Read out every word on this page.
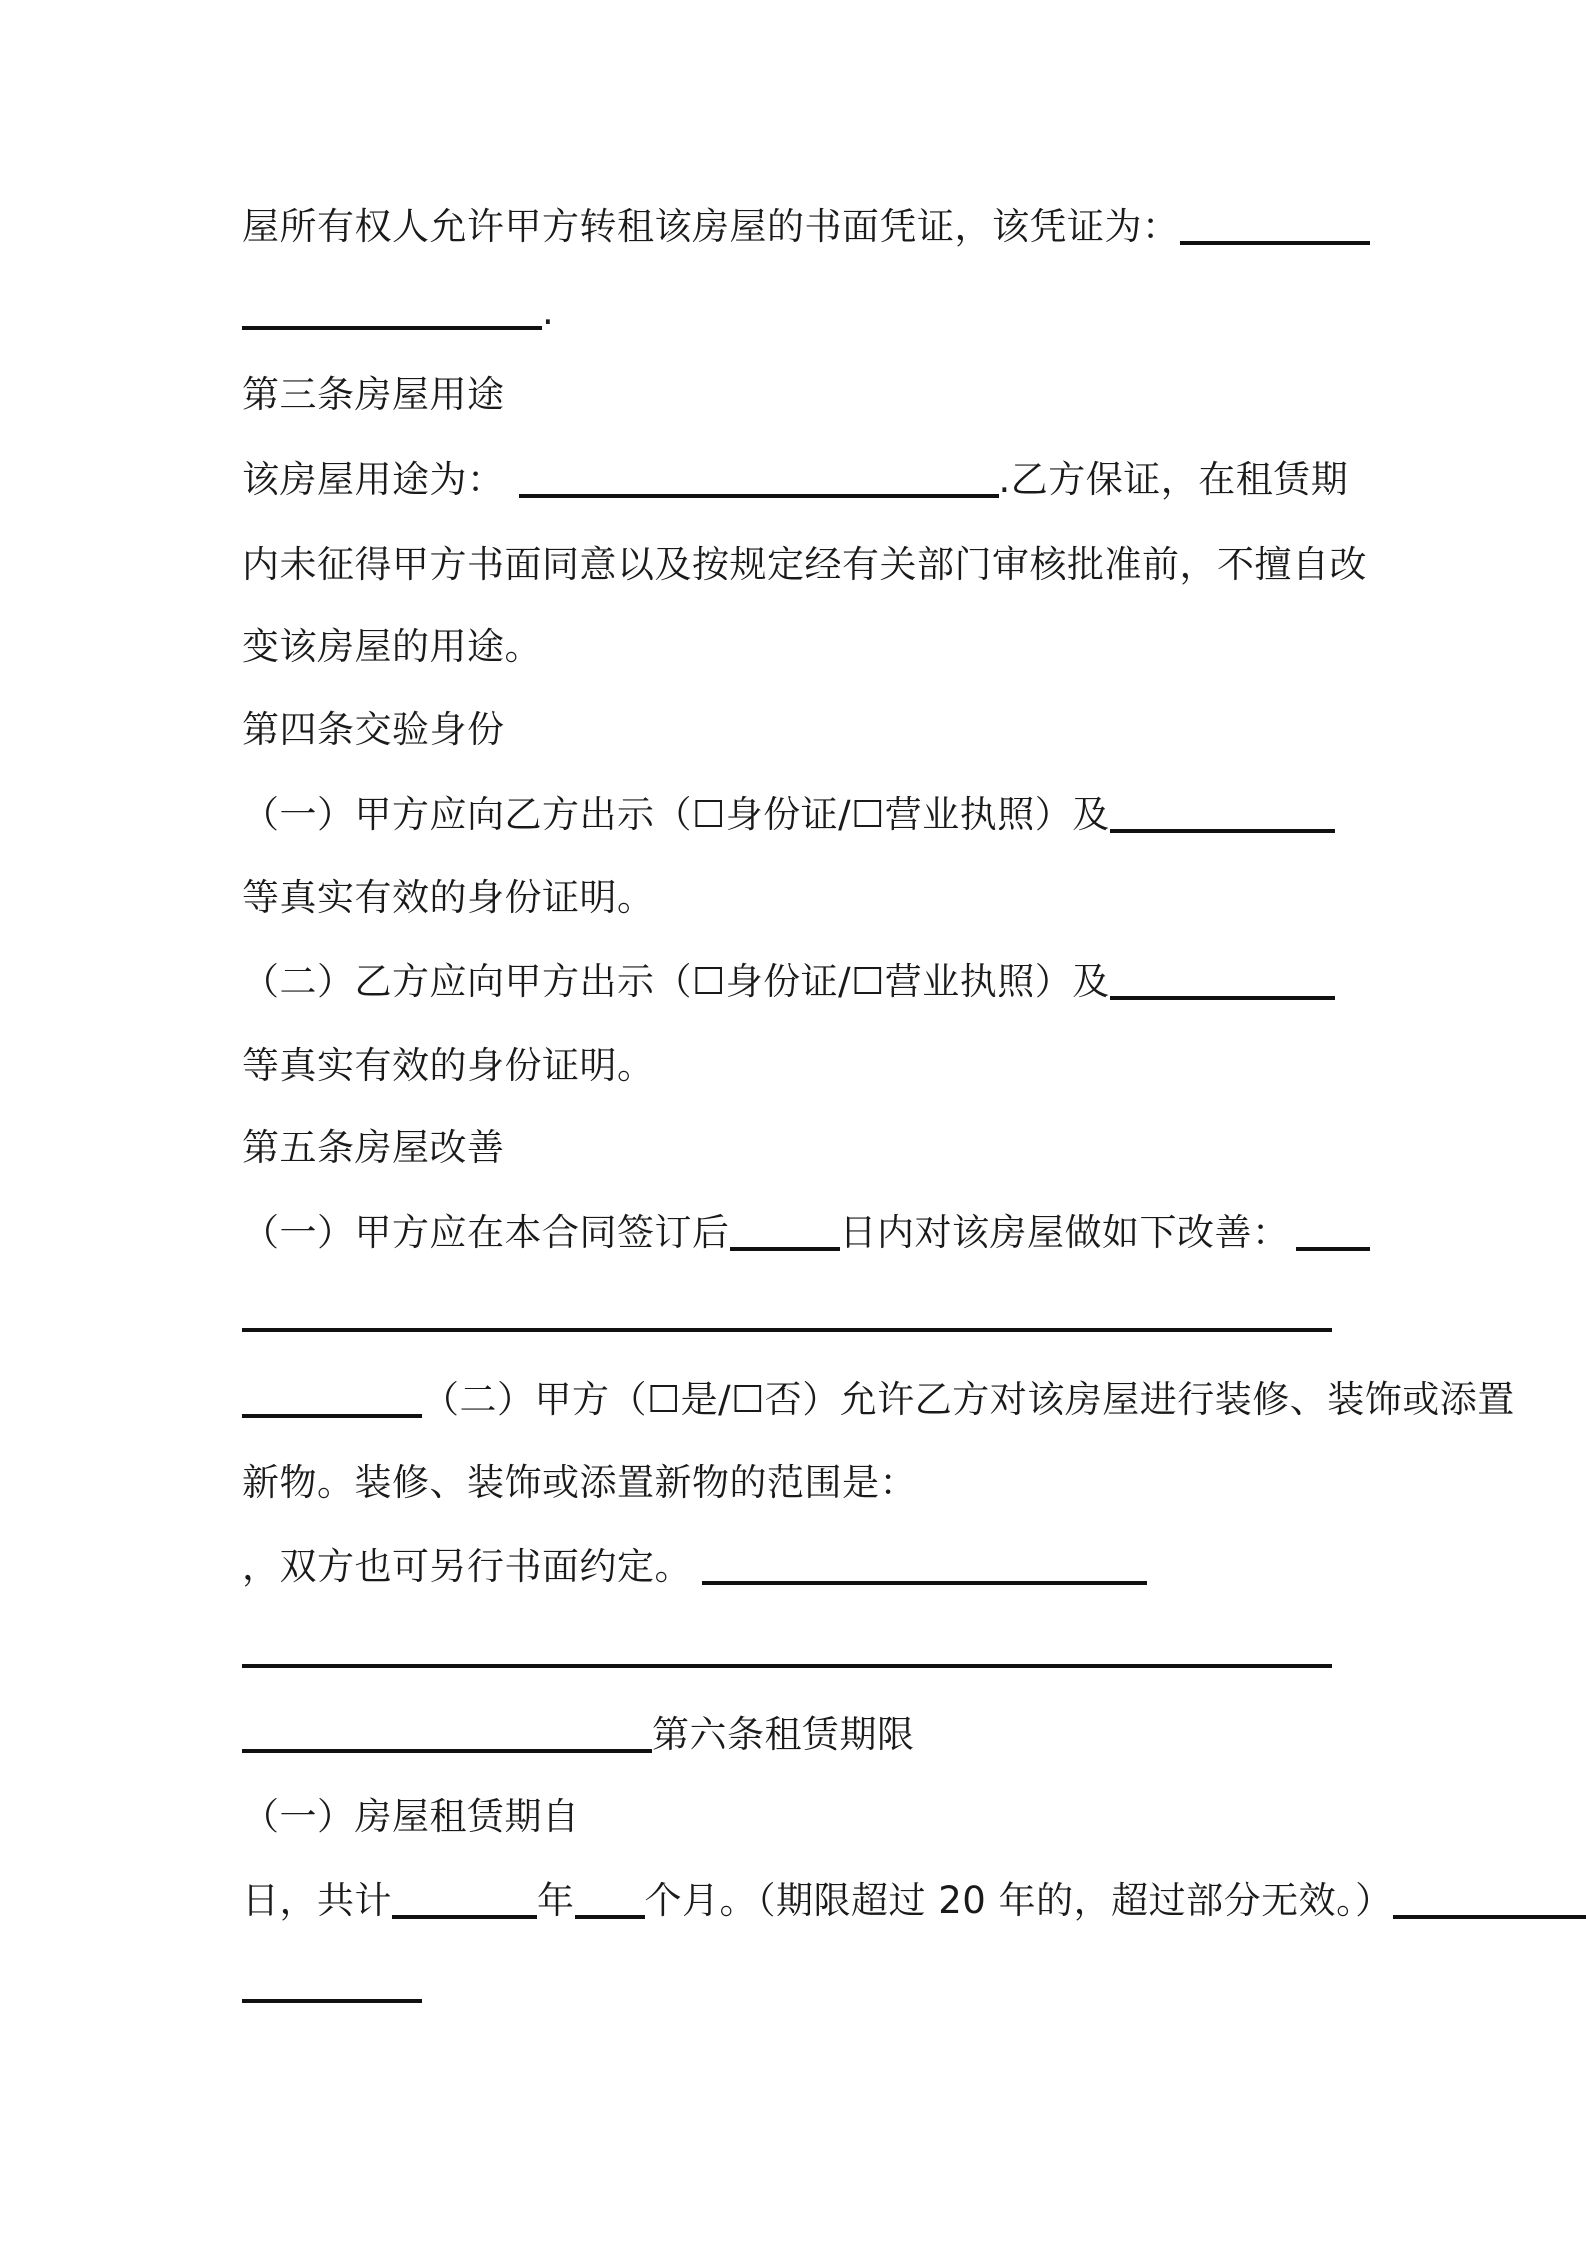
屋所有权人允许甲方转租该房屋的书面凭证，该凭证为：
.
第三条房屋用途
该房屋用途为：	.乙方保证，在租赁期
内未征得甲方书面同意以及按规定经有关部门审核批准前，不擅自改
变该房屋的用途。
第四条交验身份
（一）甲方应向乙方出示（☐身份证/☐营业执照）及
等真实有效的身份证明。
（二）乙方应向甲方出示（☐身份证/☐营业执照）及
等真实有效的身份证明。
第五条房屋改善
（一）甲方应在本合同签订后	日内对该房屋做如下改善：
（二）甲方（☐是/☐否）允许乙方对该房屋进行装修、装饰或添置
新物。装修、装饰或添置新物的范围是：
，双方也可另行书面约定。
第六条租赁期限
（一）房屋租赁期自
日，共计	年 个月。（期限超过 20 年的，超过部分无效。）
